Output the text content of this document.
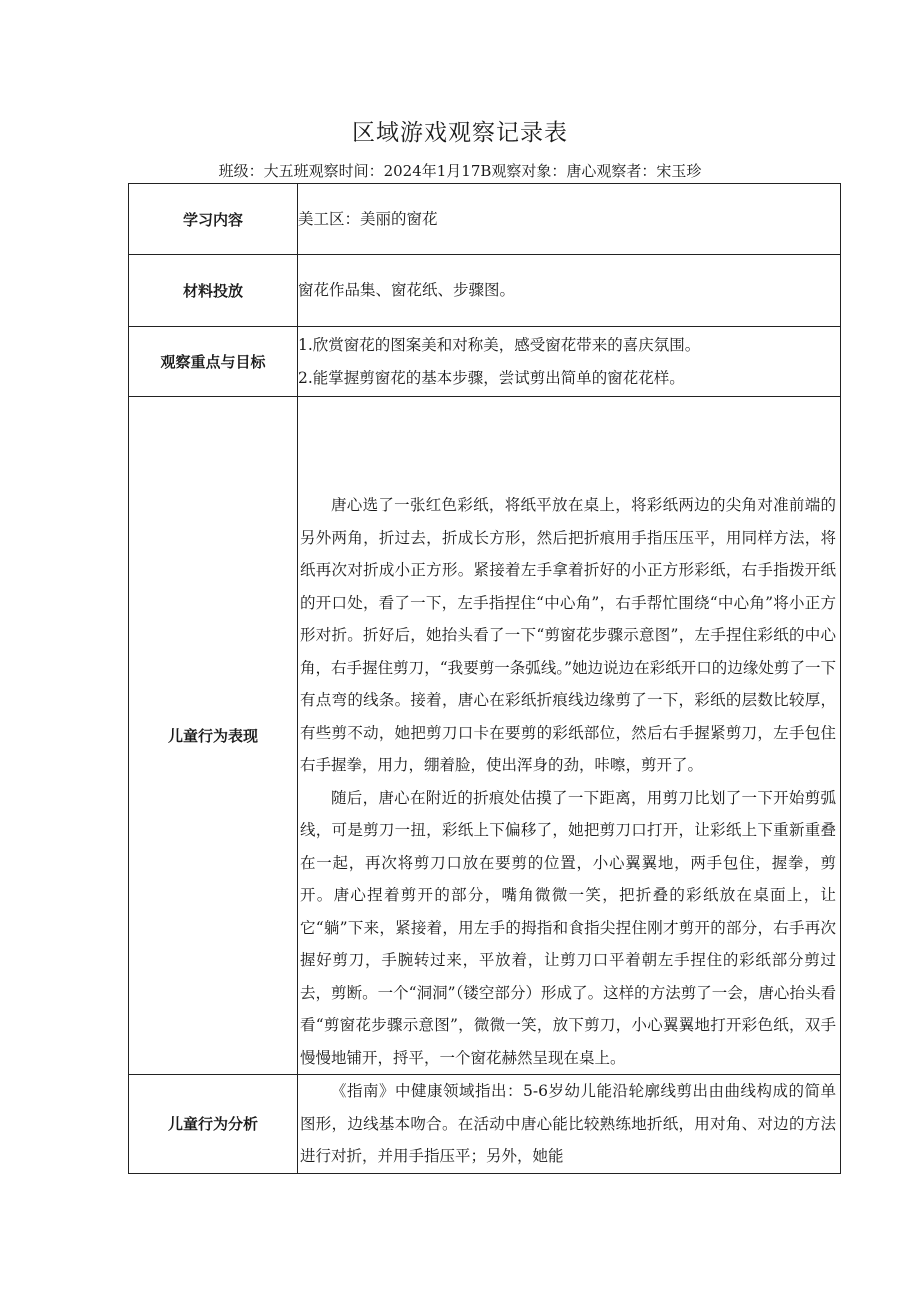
区域游戏观察记录表
班级：大五班观察时间：2024年1月17B观察对象：唐心观察者：宋玉珍
学习内容	美工区：美丽的窗花
材料投放	窗花作品集、窗花纸、步骤图。
观察重点与目标	1.欣赏窗花的图案美和对称美，感受窗花带来的喜庆氛围。
2.能掌握剪窗花的基本步骤，尝试剪出简单的窗花花样。

儿童行为表现	唐心选了一张红色彩纸，将纸平放在桌上，将彩纸两边的尖角对准前端的另外两角，折过去，折成长方形，然后把折痕用手指压压平，用同样方法，将纸再次对折成小正方形。紧接着左手拿着折好的小正方形彩纸，右手指拨开纸的开口处，看了一下，左手指捏住“中心角”，右手帮忙围绕“中心角”将小正方形对折。折好后，她抬头看了一下“剪窗花步骤示意图”，左手捏住彩纸的中心角，右手握住剪刀，“我要剪一条弧线。”她边说边在彩纸开口的边缘处剪了一下有点弯的线条。接着，唐心在彩纸折痕线边缘剪了一下，彩纸的层数比较厚，有些剪不动，她把剪刀口卡在要剪的彩纸部位，然后右手握紧剪刀，左手包住右手握拳，用力，绷着脸，使出浑身的劲，咔嚓，剪开了。

随后，唐心在附近的折痕处估摸了一下距离，用剪刀比划了一下开始剪弧线，可是剪刀一扭，彩纸上下偏移了，她把剪刀口打开，让彩纸上下重新重叠在一起，再次将剪刀口放在要剪的位置，小心翼翼地，两手包住，握拳，剪开。唐心捏着剪开的部分，嘴角微微一笑，把折叠的彩纸放在桌面上，让它“躺”下来，紧接着，用左手的拇指和食指尖捏住刚才剪开的部分，右手再次握好剪刀，手腕转过来，平放着，让剪刀口平着朝左手捏住的彩纸部分剪过去，剪断。一个“洞洞”（镂空部分）形成了。这样的方法剪了一会，唐心抬头看看“剪窗花步骤示意图”，微微一笑，放下剪刀，小心翼翼地打开彩色纸，双手慢慢地铺开，捋平，一个窗花赫然呈现在桌上。

儿童行为分析	《指南》中健康领域指出：5-6岁幼儿能沿轮廓线剪出由曲线构成的简单图形，边线基本吻合。在活动中唐心能比较熟练地折纸，用对角、对边的方法进行对折，并用手指压平；另外，她能
